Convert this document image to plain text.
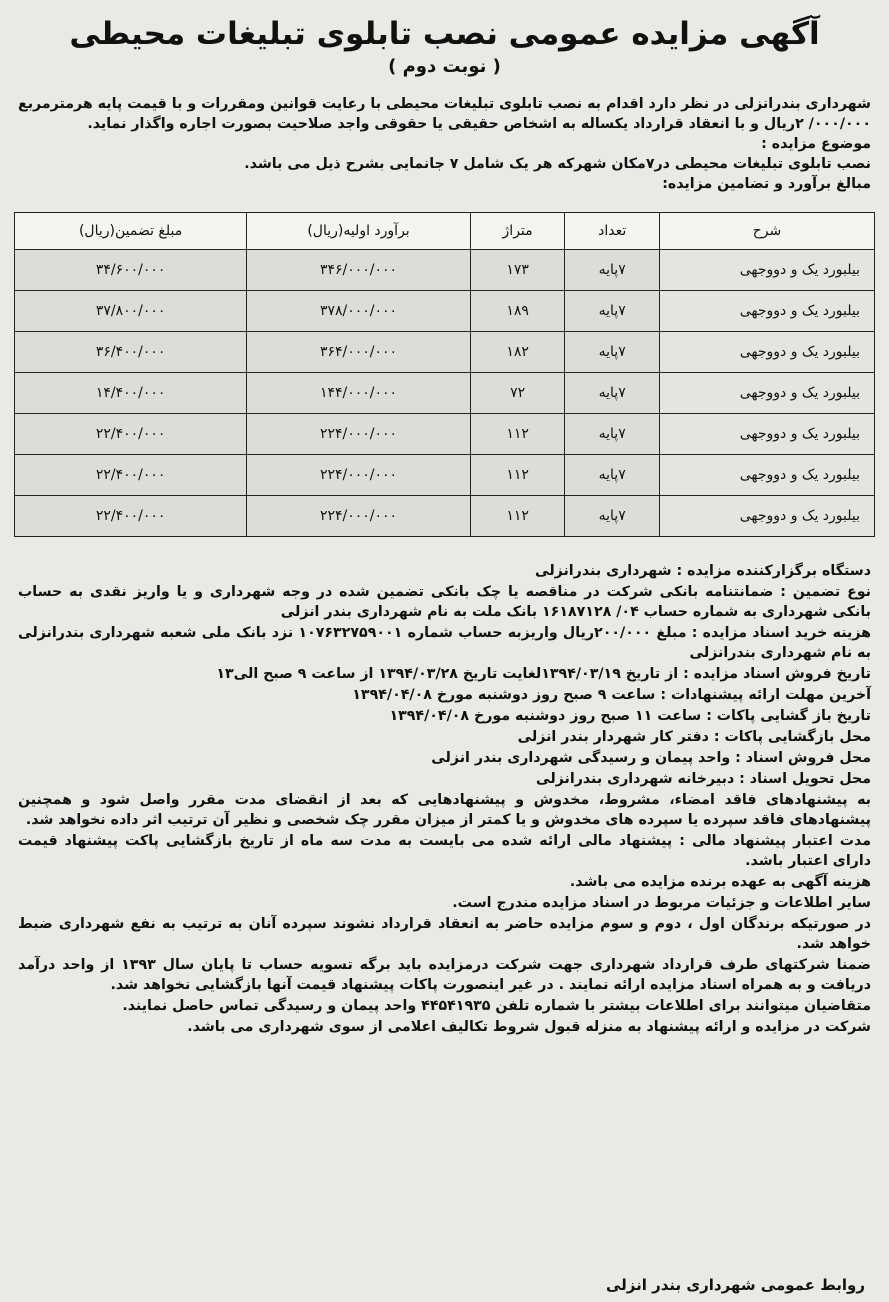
آگهی مزایده عمومی نصب تابلوی تبلیغات محیطی
( نوبت دوم )
شهرداری بندرانزلی در نظر دارد اقدام به نصب تابلوی تبلیغات محیطی با رعایت قوانین ومقررات و با قیمت پایه هرمترمربع ۰۰۰/۰۰۰/ ۲ریال و با انعقاد قرارداد یکساله به اشخاص حقیقی یا حقوقی واجد صلاحیت بصورت اجاره واگذار نماید.
موضوع مزایده :
نصب تابلوی تبلیغات محیطی در۷مکان شهرکه هر یک شامل ۷ جانمایی بشرح ذیل می باشد.
مبالغ برآورد و تضامین مزایده:
شرح	تعداد	متراژ	برآورد اولیه(ریال)	مبلغ تضمین(ریال)
بیلبورد یک و دووجهی	۷پایه	۱۷۳	۳۴۶/۰۰۰/۰۰۰	۳۴/۶۰۰/۰۰۰
بیلبورد یک و دووجهی	۷پایه	۱۸۹	۳۷۸/۰۰۰/۰۰۰	۳۷/۸۰۰/۰۰۰
بیلبورد یک و دووجهی	۷پایه	۱۸۲	۳۶۴/۰۰۰/۰۰۰	۳۶/۴۰۰/۰۰۰
بیلبورد یک و دووجهی	۷پایه	۷۲	۱۴۴/۰۰۰/۰۰۰	۱۴/۴۰۰/۰۰۰
بیلبورد یک و دووجهی	۷پایه	۱۱۲	۲۲۴/۰۰۰/۰۰۰	۲۲/۴۰۰/۰۰۰
بیلبورد یک و دووجهی	۷پایه	۱۱۲	۲۲۴/۰۰۰/۰۰۰	۲۲/۴۰۰/۰۰۰
بیلبورد یک و دووجهی	۷پایه	۱۱۲	۲۲۴/۰۰۰/۰۰۰	۲۲/۴۰۰/۰۰۰
دستگاه برگزارکننده مزایده : شهرداری بندرانزلی
نوع تضمین : ضمانتنامه بانکی شرکت در مناقصه یا چک بانکی تضمین شده در وجه شهرداری و یا واریز نقدی به حساب بانکی شهرداری به شماره حساب ۰۴/ ۱۶۱۸۷۱۲۸ بانک ملت به نام شهرداری بندر انزلی
هزینه خرید اسناد مزایده : مبلغ ۲۰۰/۰۰۰ریال واریزبه حساب شماره ۱۰۷۶۳۲۷۵۹۰۰۱ نزد بانک ملی شعبه شهرداری بندرانزلی به نام شهرداری بندرانزلی
تاریخ فروش اسناد مزایده : از تاریخ ۱۳۹۴/۰۳/۱۹لغایت تاریخ ۱۳۹۴/۰۳/۲۸ از ساعت ۹ صبح الی۱۳
آخرین مهلت ارائه پیشنهادات : ساعت ۹ صبح روز دوشنبه مورخ ۱۳۹۴/۰۴/۰۸
تاریخ باز گشایی پاکات : ساعت ۱۱ صبح روز دوشنبه مورخ ۱۳۹۴/۰۴/۰۸
محل بازگشایی پاکات : دفتر کار شهردار بندر انزلی
محل فروش اسناد : واحد پیمان و رسیدگی شهرداری بندر انزلی
محل تحویل اسناد : دبیرخانه شهرداری بندرانزلی
به پیشنهادهای فاقد امضاء، مشروط، مخدوش و پیشنهادهایی که بعد از انقضای مدت مقرر واصل شود و همچنین پیشنهادهای فاقد سپرده یا سپرده های مخدوش و یا کمتر از میزان مقرر چک شخصی و نظیر آن ترتیب اثر داده نخواهد شد.
مدت اعتبار پیشنهاد مالی : پیشنهاد مالی ارائه شده می بایست به مدت سه ماه از تاریخ بازگشایی پاکت پیشنهاد قیمت دارای اعتبار باشد.
هزینه آگهی به عهده برنده مزایده می باشد.
سایر اطلاعات و جزئیات مربوط در اسناد مزایده مندرج است.
در صورتیکه برندگان اول ، دوم و سوم مزایده حاضر به انعقاد قرارداد نشوند سپرده آنان به ترتیب به نفع شهرداری ضبط خواهد شد.
ضمنا شرکتهای طرف قرارداد شهرداری جهت شرکت درمزایده باید برگه تسویه حساب تا پایان سال ۱۳۹۳ از واحد درآمد دریافت و به همراه اسناد مزایده ارائه نمایند . در غیر اینصورت پاکات پیشنهاد قیمت آنها بازگشایی نخواهد شد.
متقاضیان میتوانند برای اطلاعات بیشتر با شماره تلفن ۴۴۵۴۱۹۳۵ واحد پیمان و رسیدگی تماس حاصل نمایند.
شرکت در مزایده و ارائه پیشنهاد به منزله قبول شروط تکالیف اعلامی از سوی شهرداری می باشد.
روابط عمومی شهرداری بندر انزلی
